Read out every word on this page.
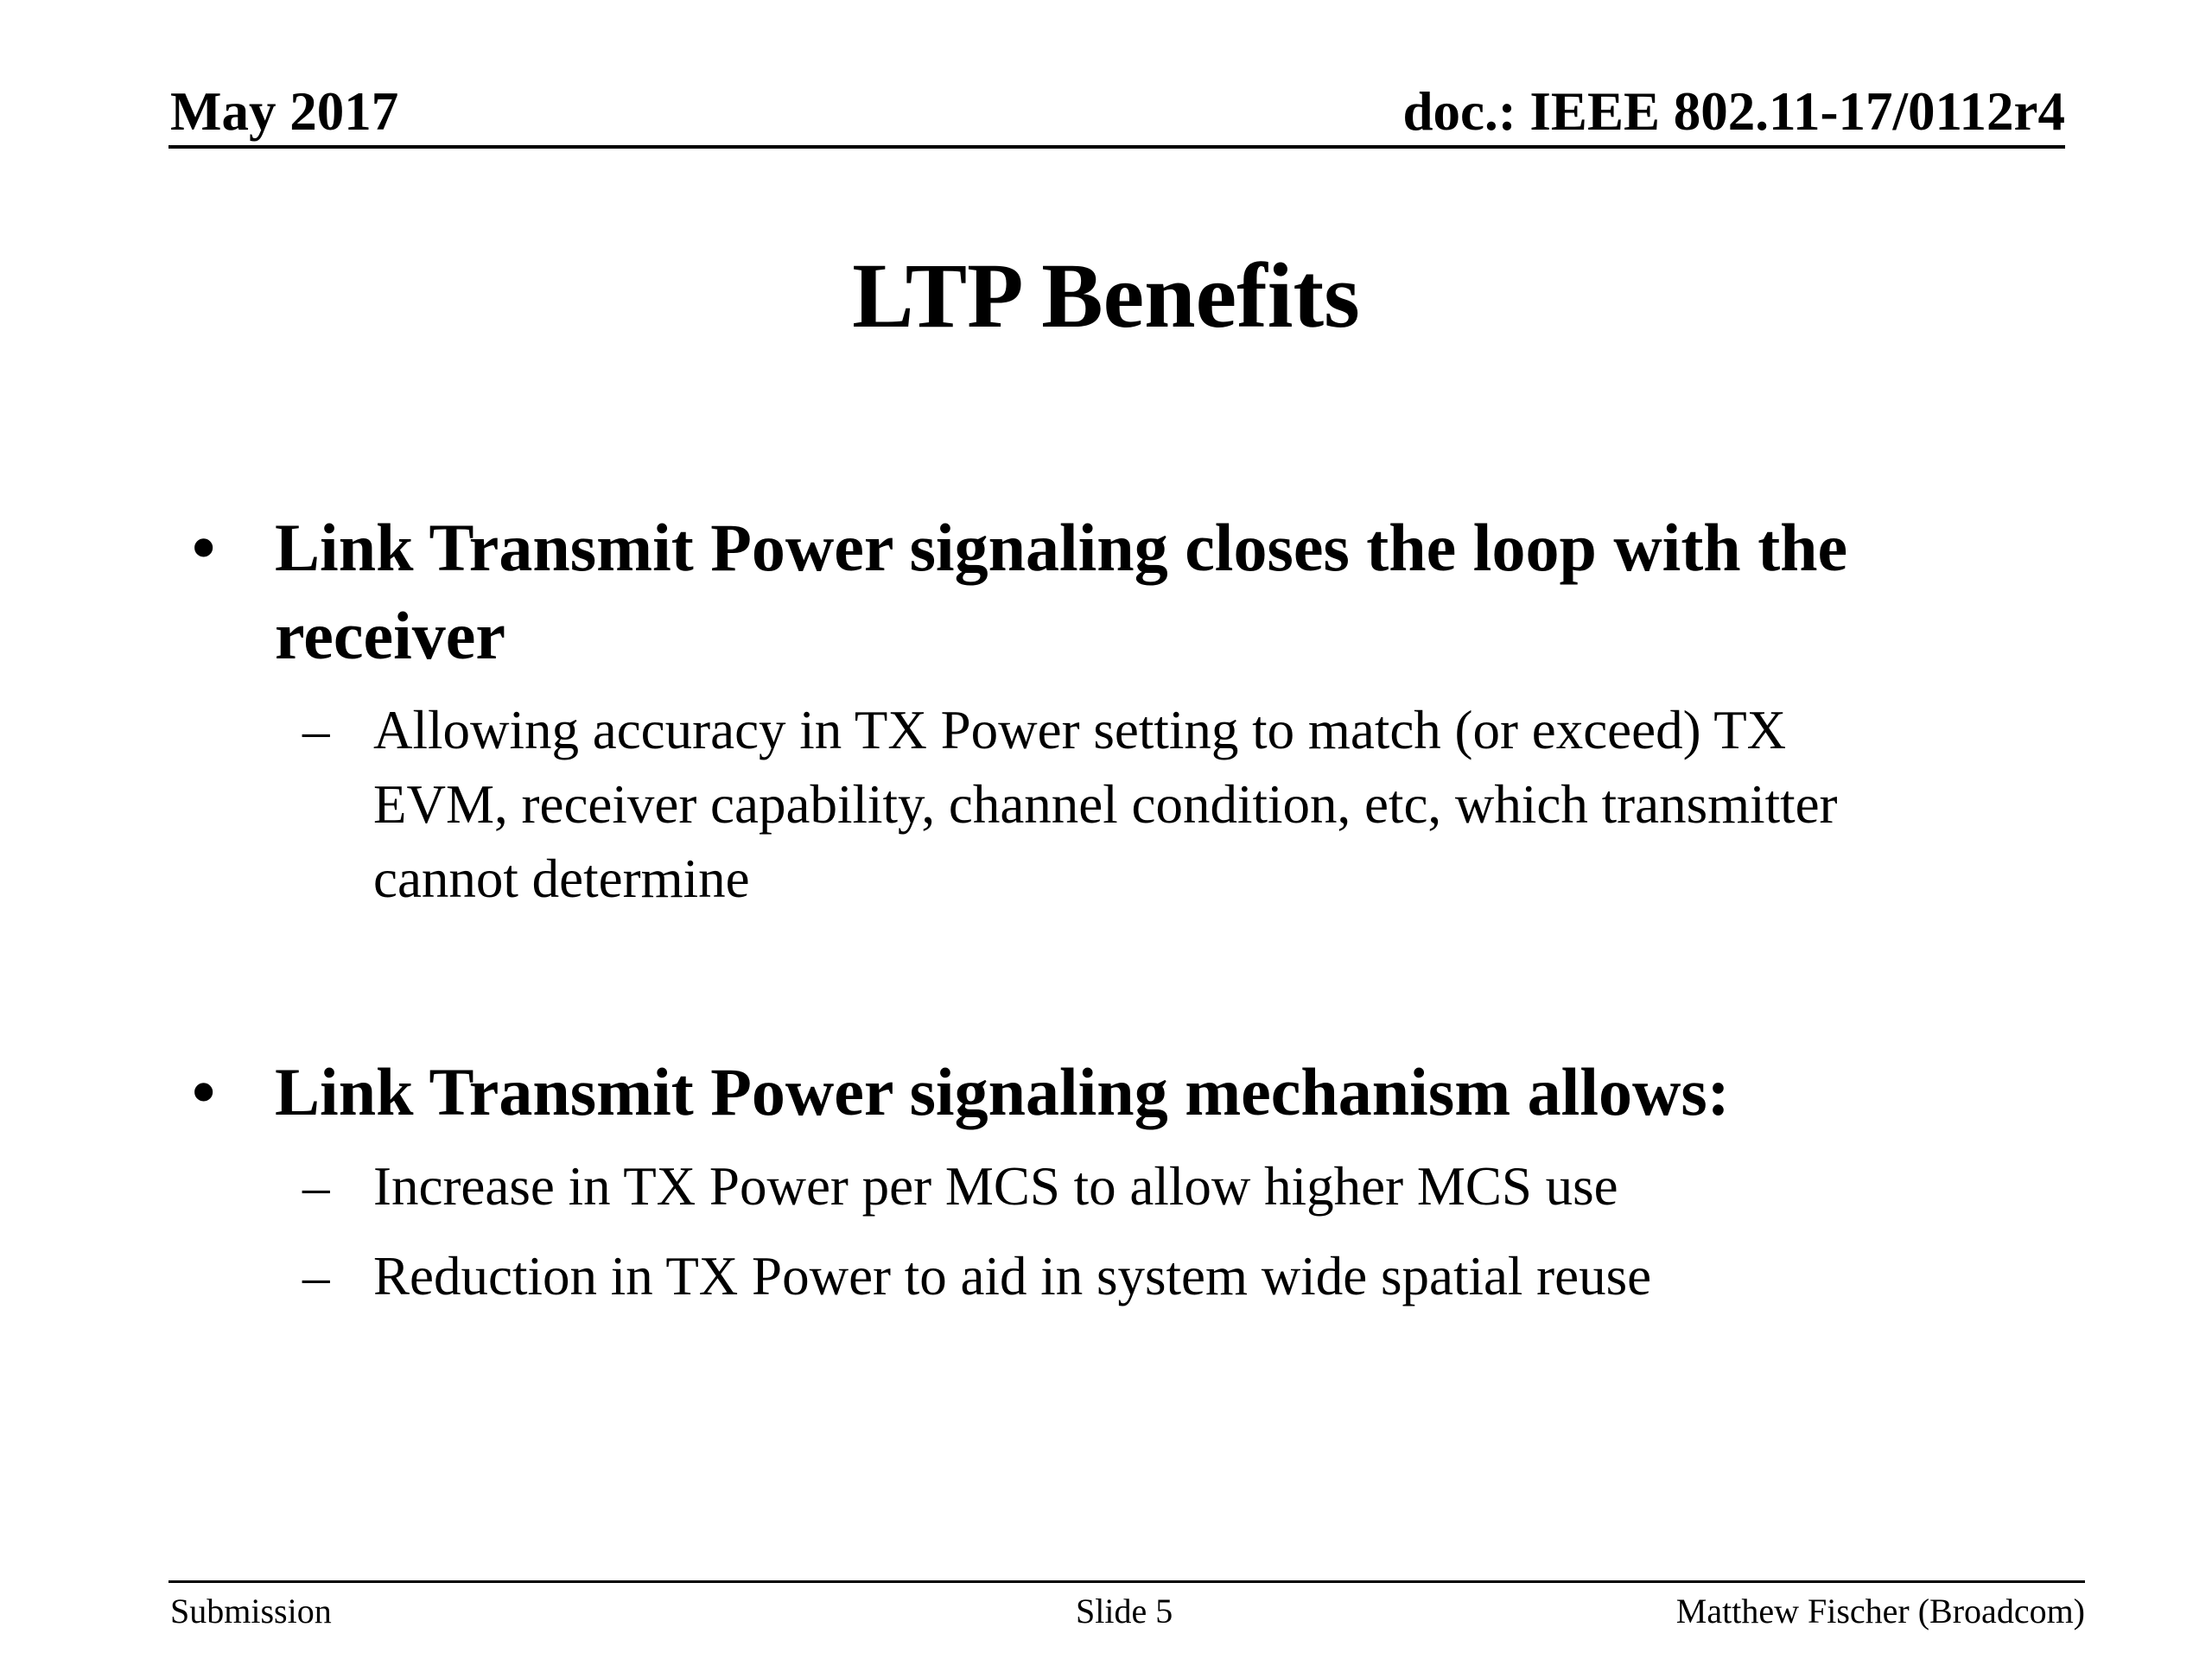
May 2017	doc.: IEEE 802.11-17/0112r4
LTP Benefits
• Link Transmit Power signaling closes the loop with the
receiver
– Allowing accuracy in TX Power setting to match (or exceed) TX
EVM, receiver capability, channel condition, etc, which transmitter
cannot determine
• Link Transmit Power signaling mechanism allows:
– Increase in TX Power per MCS to allow higher MCS use
– Reduction in TX Power to aid in system wide spatial reuse
Submission	Slide 5	Matthew Fischer (Broadcom)
